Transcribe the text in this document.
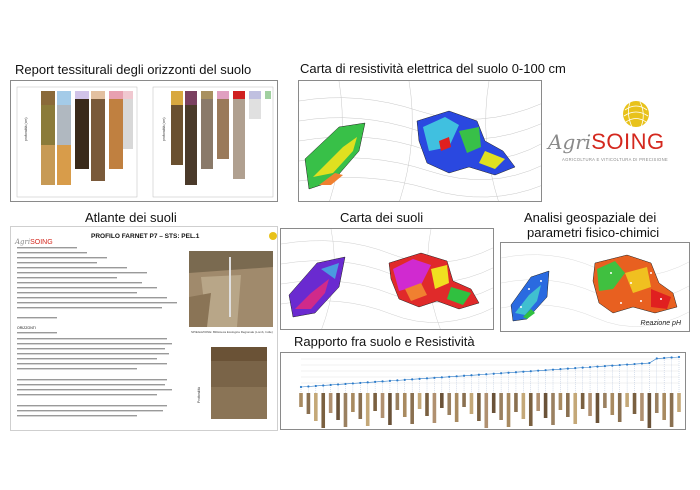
Report tessiturali degli orizzonti del suolo	Carta di resistività elettrica del suolo 0-100 cm
Atlante dei suoli	Carta dei suoli	Analisi geospaziale dei
parametri fisico-chimici
Rapporto fra suolo e Resistività
AgriSOING
AGRICOLTURA E VITICOLTURA DI PRECISIONE
profondità (cm)	profondità (cm)
AgriSOING
PROFILO FARNET P7 – STS: PEL.1
Profondità
SPIEGAZIONE: Biblioteca Ecologica Regionale (Lomb, Indie)
ORIZZONTI
Reazione pH
